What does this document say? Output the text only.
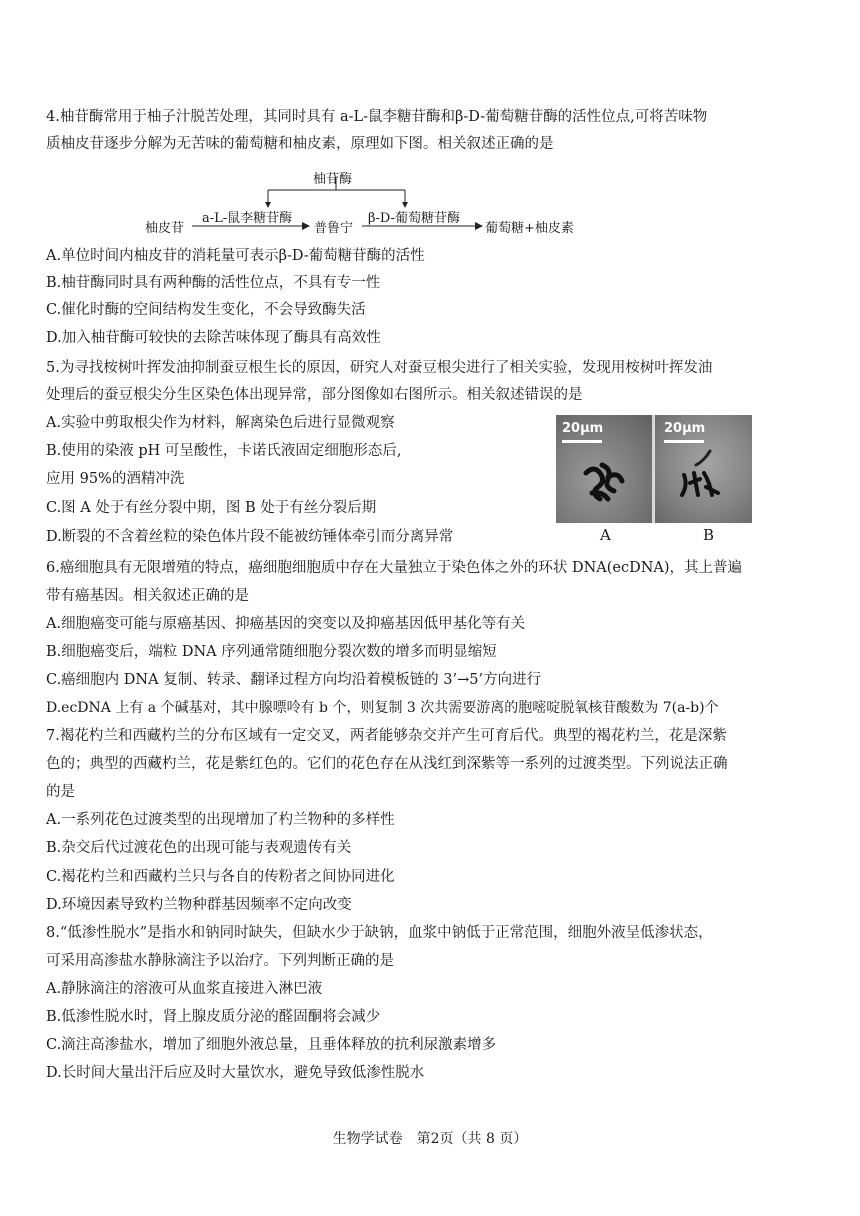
4.柚苷酶常用于柚子汁脱苦处理，其同时具有 a-L-鼠李糖苷酶和β-D-葡萄糖苷酶的活性位点,可将苦味物
质柚皮苷逐步分解为无苦味的葡萄糖和柚皮素，原理如下图。相关叙述正确的是
柚苷酶
柚皮苷
a-L-鼠李糖苷酶
普鲁宁
β-D-葡萄糖苷酶
葡萄糖+柚皮素
A.单位时间内柚皮苷的消耗量可表示β-D-葡萄糖苷酶的活性
B.柚苷酶同时具有两种酶的活性位点，不具有专一性
C.催化时酶的空间结构发生变化，不会导致酶失活
D.加入柚苷酶可较快的去除苦味体现了酶具有高效性
5.为寻找桉树叶挥发油抑制蚕豆根生长的原因，研究人对蚕豆根尖进行了相关实验，发现用桉树叶挥发油
处理后的蚕豆根尖分生区染色体出现异常，部分图像如右图所示。相关叙述错误的是
A.实验中剪取根尖作为材料，解离染色后进行显微观察
B.使用的染液 pH 可呈酸性，卡诺氏液固定细胞形态后,
应用 95%的酒精冲洗
C.图 A 处于有丝分裂中期，图 B 处于有丝分裂后期
D.断裂的不含着丝粒的染色体片段不能被纺锤体牵引而分离异常
20μm	20μm
A	B
6.癌细胞具有无限增殖的特点，癌细胞细胞质中存在大量独立于染色体之外的环状 DNA(ecDNA)，其上普遍
带有癌基因。相关叙述正确的是
A.细胞癌变可能与原癌基因、抑癌基因的突变以及抑癌基因低甲基化等有关
B.细胞癌变后，端粒 DNA 序列通常随细胞分裂次数的增多而明显缩短
C.癌细胞内 DNA 复制、转录、翻译过程方向均沿着模板链的 3’→5’方向进行
D.ecDNA 上有 a 个碱基对，其中腺嘌呤有 b 个，则复制 3 次共需要游离的胞嘧啶脱氧核苷酸数为 7(a-b)个
7.褐花杓兰和西藏杓兰的分布区域有一定交叉，两者能够杂交并产生可育后代。典型的褐花杓兰，花是深紫
色的；典型的西藏杓兰，花是紫红色的。它们的花色存在从浅红到深紫等一系列的过渡类型。下列说法正确
的是
A.一系列花色过渡类型的出现增加了杓兰物种的多样性
B.杂交后代过渡花色的出现可能与表观遗传有关
C.褐花杓兰和西藏杓兰只与各自的传粉者之间协同进化
D.环境因素导致杓兰物种群基因频率不定向改变
8.“低渗性脱水”是指水和钠同时缺失，但缺水少于缺钠，血浆中钠低于正常范围，细胞外液呈低渗状态，
可采用高渗盐水静脉滴注予以治疗。下列判断正确的是
A.静脉滴注的溶液可从血浆直接进入淋巴液
B.低渗性脱水时，肾上腺皮质分泌的醛固酮将会减少
C.滴注高渗盐水，增加了细胞外液总量，且垂体释放的抗利尿激素增多
D.长时间大量出汗后应及时大量饮水，避免导致低渗性脱水
生物学试卷　第2页（共 8 页）
